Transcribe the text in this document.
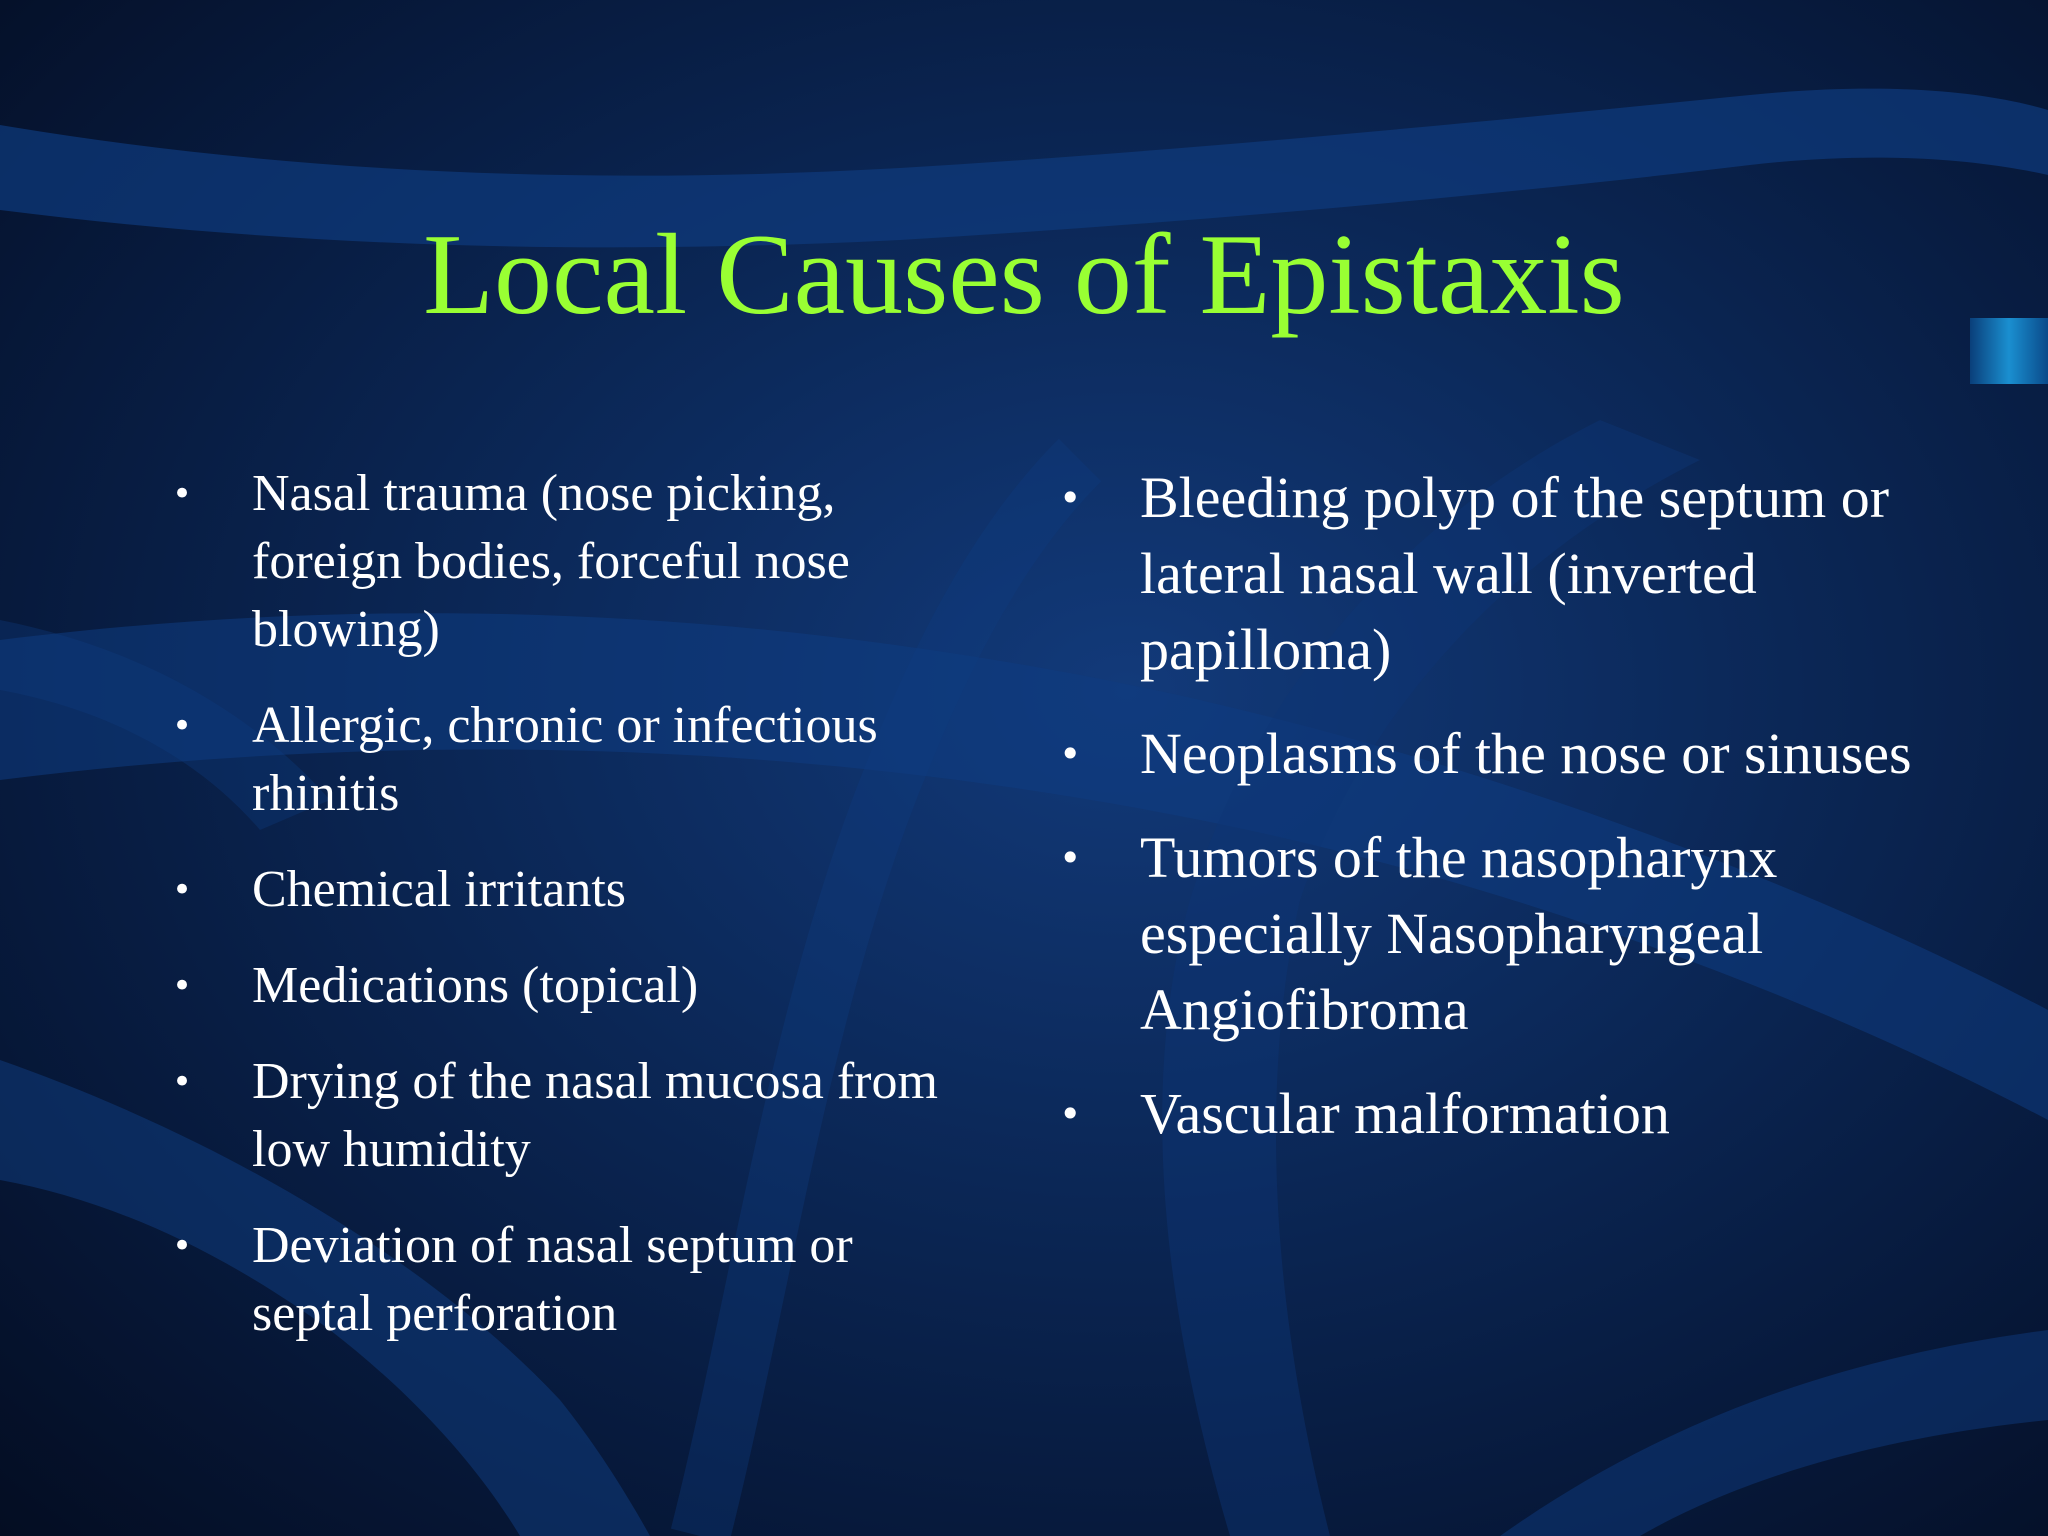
Local Causes of Epistaxis
• Nasal trauma (nose picking, foreign bodies, forceful nose blowing)
• Allergic, chronic or infectious rhinitis
• Chemical irritants
• Medications (topical)
• Drying of the nasal mucosa from low humidity
• Deviation of nasal septum or septal perforation
• Bleeding polyp of the septum or lateral nasal wall (inverted papilloma)
• Neoplasms of the nose or sinuses
• Tumors of the nasopharynx especially Nasopharyngeal Angiofibroma
• Vascular malformation
